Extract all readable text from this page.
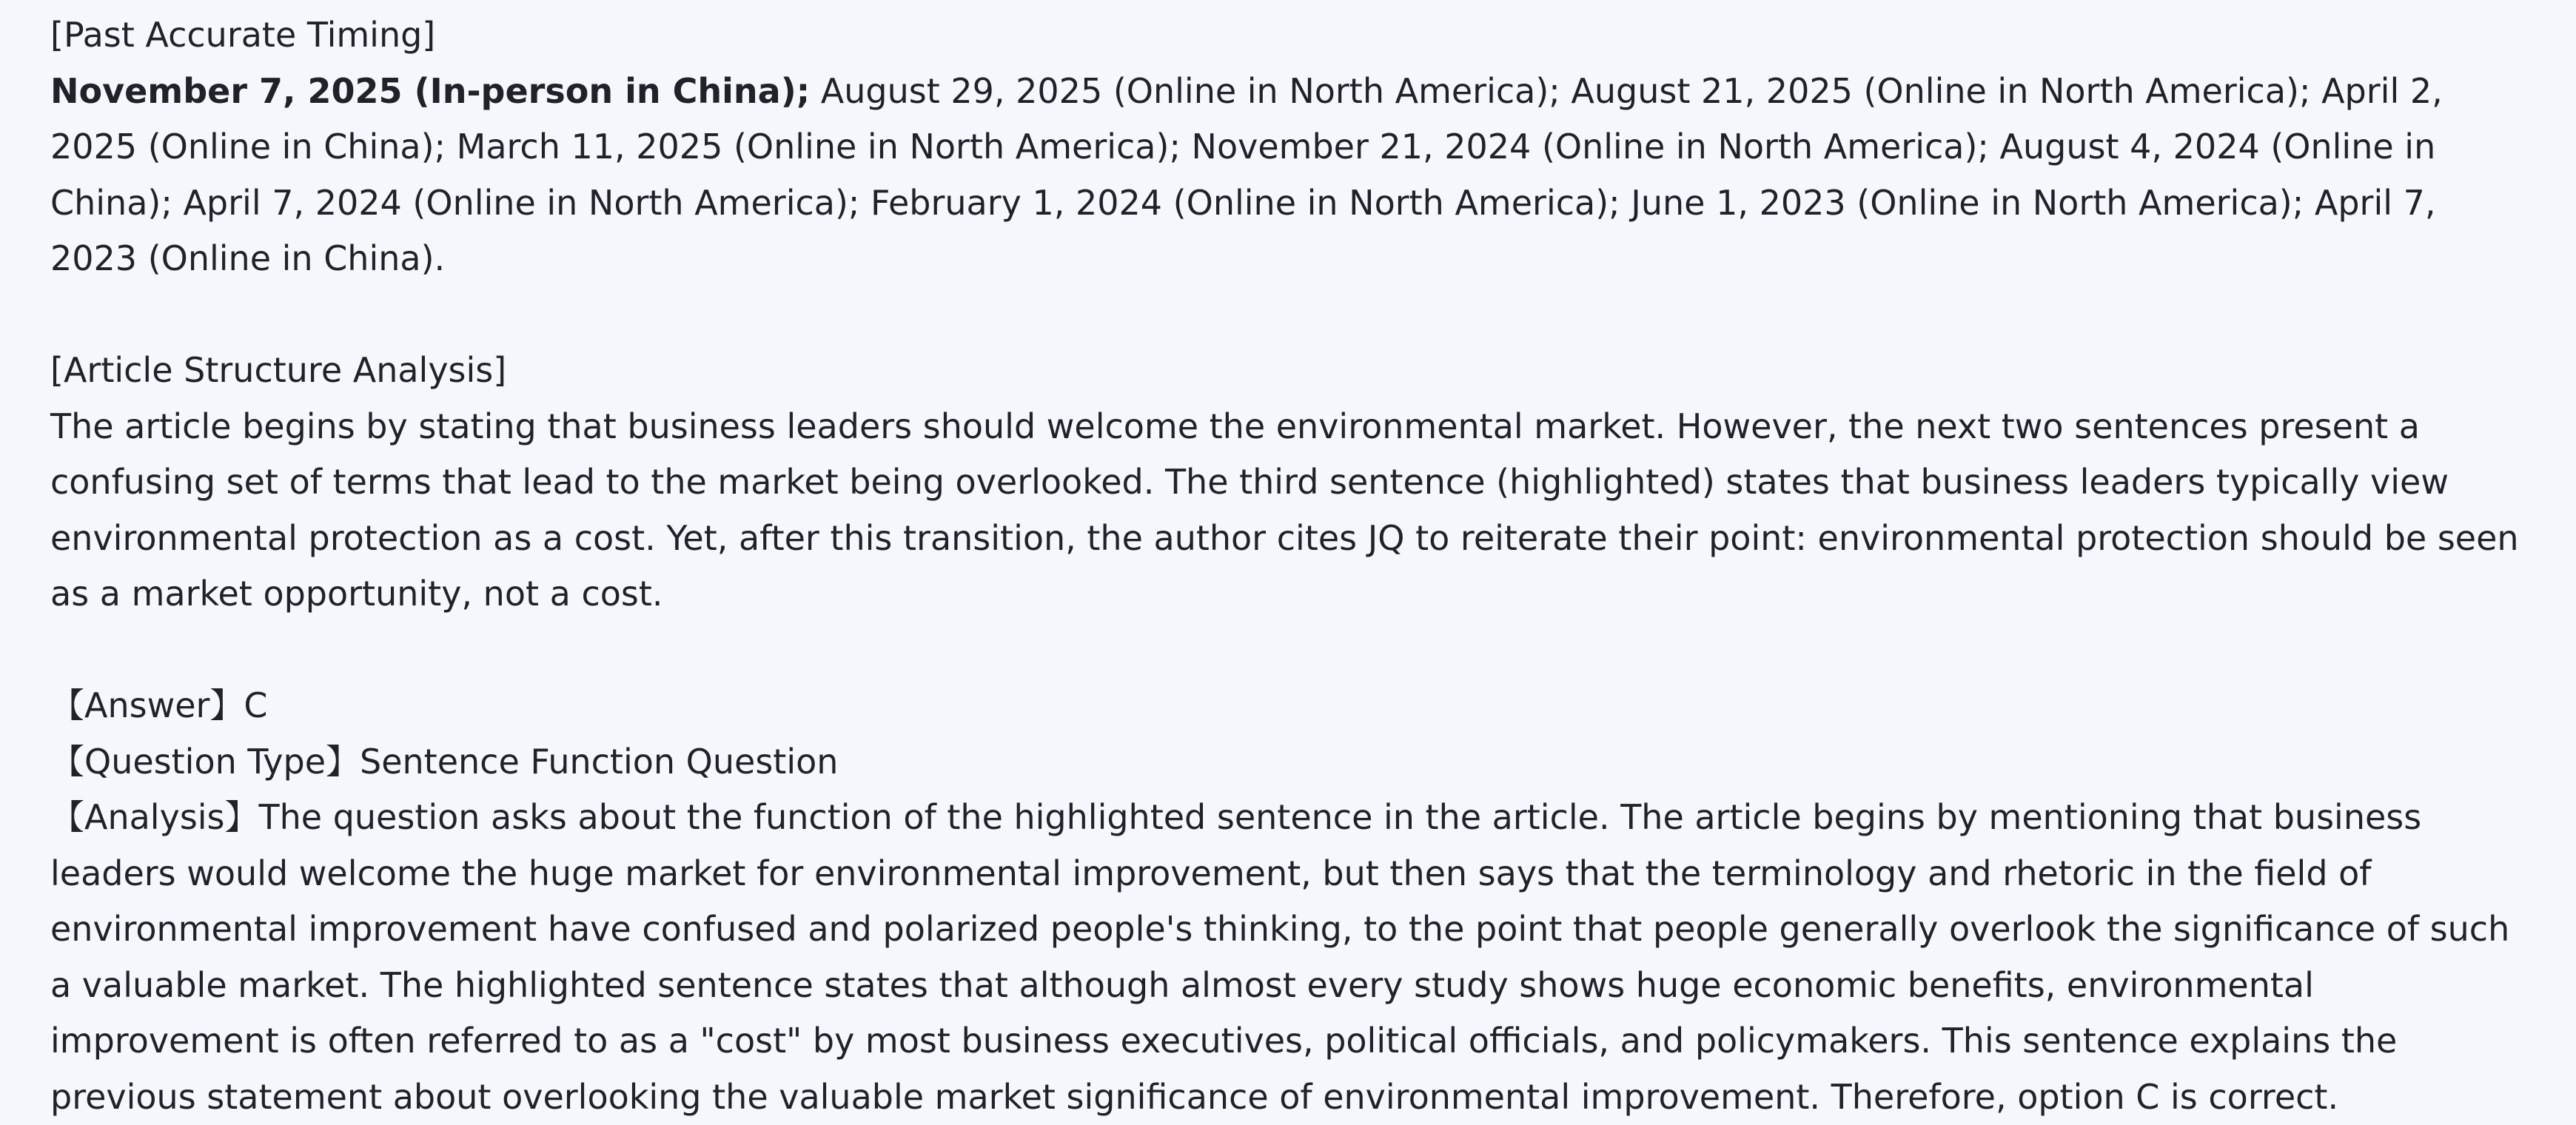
[Past Accurate Timing]

November 7, 2025 (In-person in China); August 29, 2025 (Online in North America); August 21, 2025 (Online in North America); April 2, 2025 (Online in China); March 11, 2025 (Online in North America); November 21, 2024 (Online in North America); August 4, 2024 (Online in China); April 7, 2024 (Online in North America); February 1, 2024 (Online in North America); June 1, 2023 (Online in North America); April 7, 2023 (Online in China).

[Article Structure Analysis]

The article begins by stating that business leaders should welcome the environmental market. However, the next two sentences present a confusing set of terms that lead to the market being overlooked. The third sentence (highlighted) states that business leaders typically view environmental protection as a cost. Yet, after this transition, the author cites JQ to reiterate their point: environmental protection should be seen as a market opportunity, not a cost.

【Answer】C

【Question Type】Sentence Function Question

【Analysis】The question asks about the function of the highlighted sentence in the article. The article begins by mentioning that business leaders would welcome the huge market for environmental improvement, but then says that the terminology and rhetoric in the field of environmental improvement have confused and polarized people's thinking, to the point that people generally overlook the significance of such a valuable market. The highlighted sentence states that although almost every study shows huge economic benefits, environmental improvement is often referred to as a "cost" by most business executives, political officials, and policymakers. This sentence explains the previous statement about overlooking the valuable market significance of environmental improvement. Therefore, option C is correct.
